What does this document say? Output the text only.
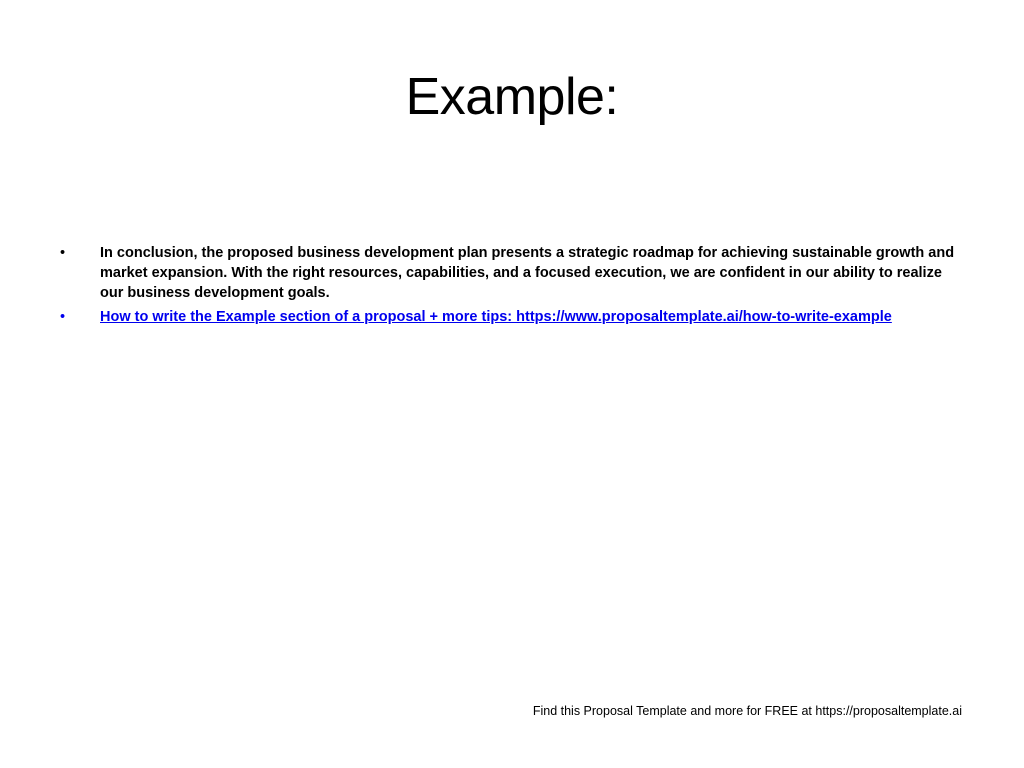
Example:
•	In conclusion, the proposed business development plan presents a strategic roadmap for achieving sustainable growth and market expansion. With the right resources, capabilities, and a focused execution, we are confident in our ability to realize our business development goals.
•	How to write the Example section of a proposal + more tips: https://www.proposaltemplate.ai/how-to-write-example
Find this Proposal Template and more for FREE at https://proposaltemplate.ai
